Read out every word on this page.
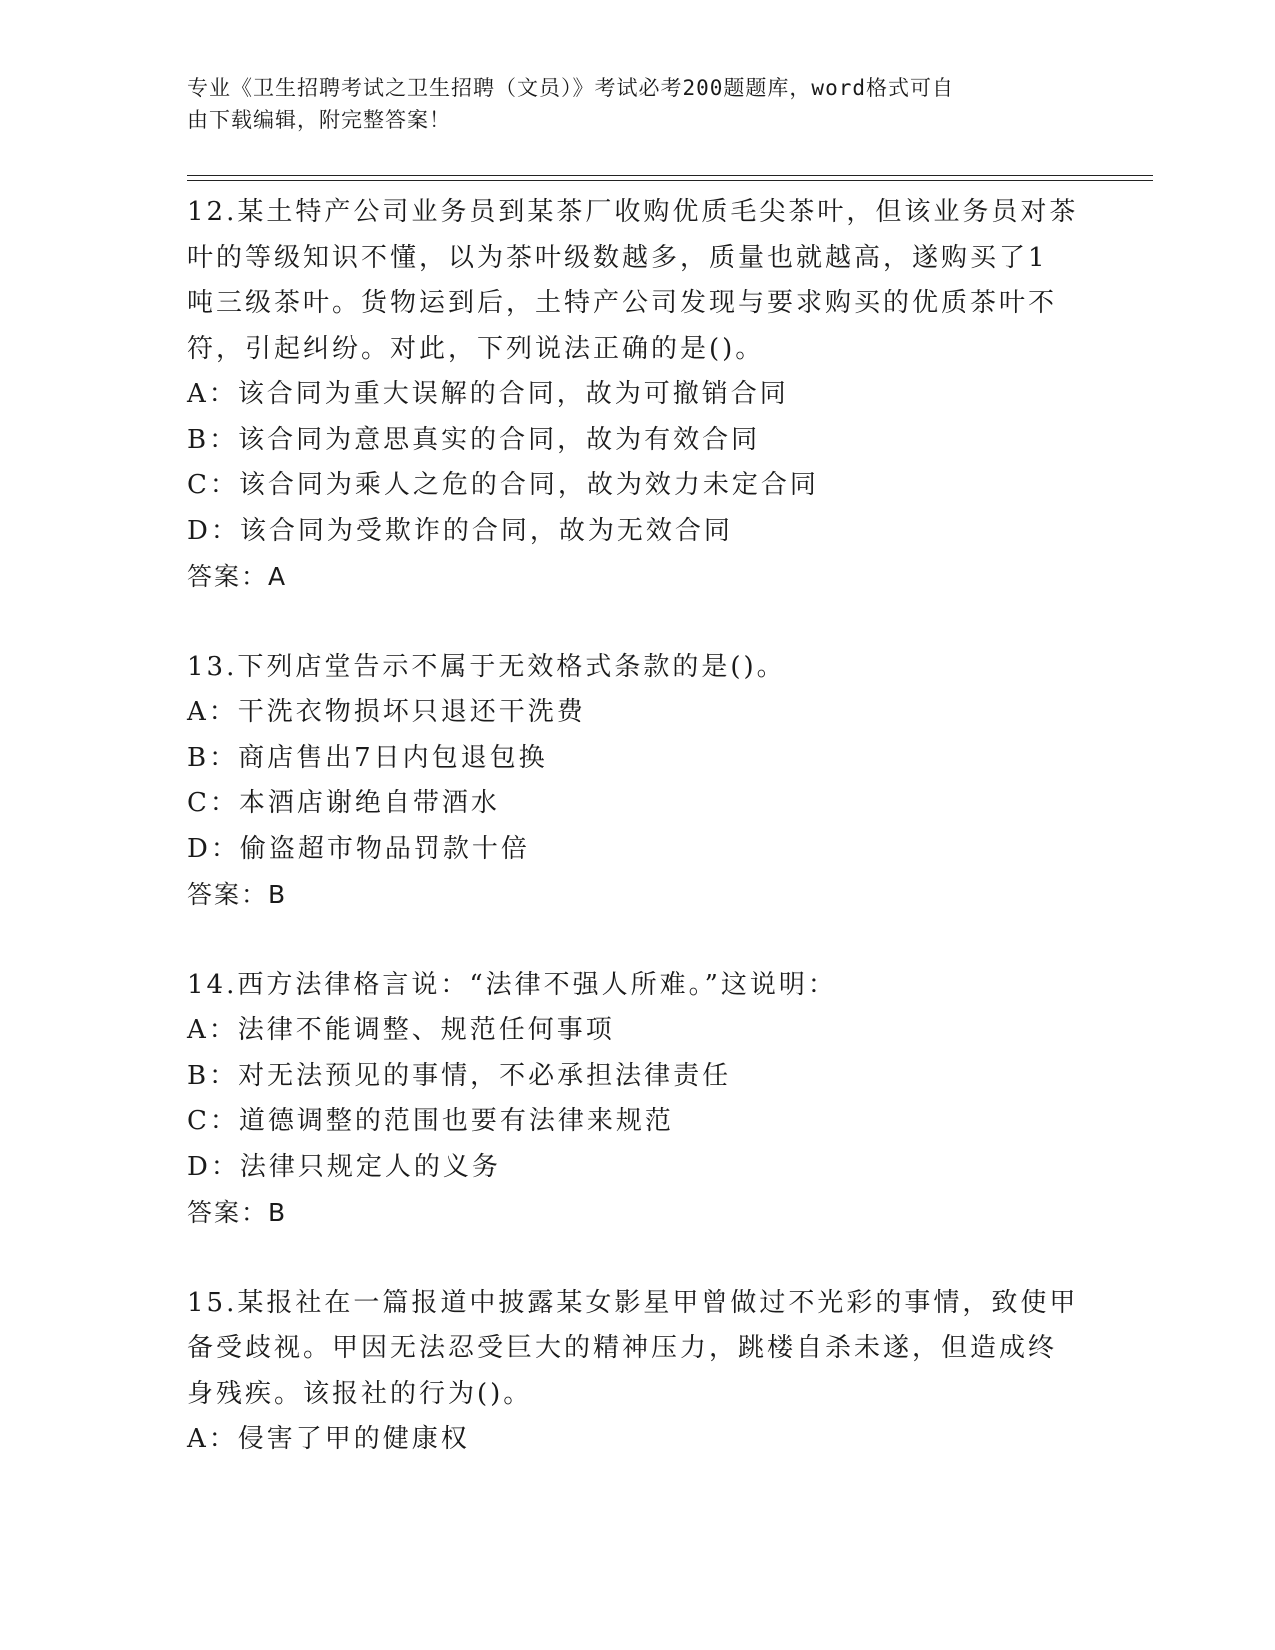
专业《卫生招聘考试之卫生招聘（文员）》考试必考200题题库，word格式可自
由下载编辑，附完整答案！
12.某土特产公司业务员到某茶厂收购优质毛尖茶叶，但该业务员对茶
叶的等级知识不懂，以为茶叶级数越多，质量也就越高，遂购买了1
吨三级茶叶。货物运到后，土特产公司发现与要求购买的优质茶叶不
符，引起纠纷。对此，下列说法正确的是()。
A：该合同为重大误解的合同，故为可撤销合同
B：该合同为意思真实的合同，故为有效合同
C：该合同为乘人之危的合同，故为效力未定合同
D：该合同为受欺诈的合同，故为无效合同
答案：A
13.下列店堂告示不属于无效格式条款的是()。
A：干洗衣物损坏只退还干洗费
B：商店售出7日内包退包换
C：本酒店谢绝自带酒水
D：偷盗超市物品罚款十倍
答案：B
14.西方法律格言说：“法律不强人所难。”这说明：
A：法律不能调整、规范任何事项
B：对无法预见的事情，不必承担法律责任
C：道德调整的范围也要有法律来规范
D：法律只规定人的义务
答案：B
15.某报社在一篇报道中披露某女影星甲曾做过不光彩的事情，致使甲
备受歧视。甲因无法忍受巨大的精神压力，跳楼自杀未遂，但造成终
身残疾。该报社的行为()。
A：侵害了甲的健康权
